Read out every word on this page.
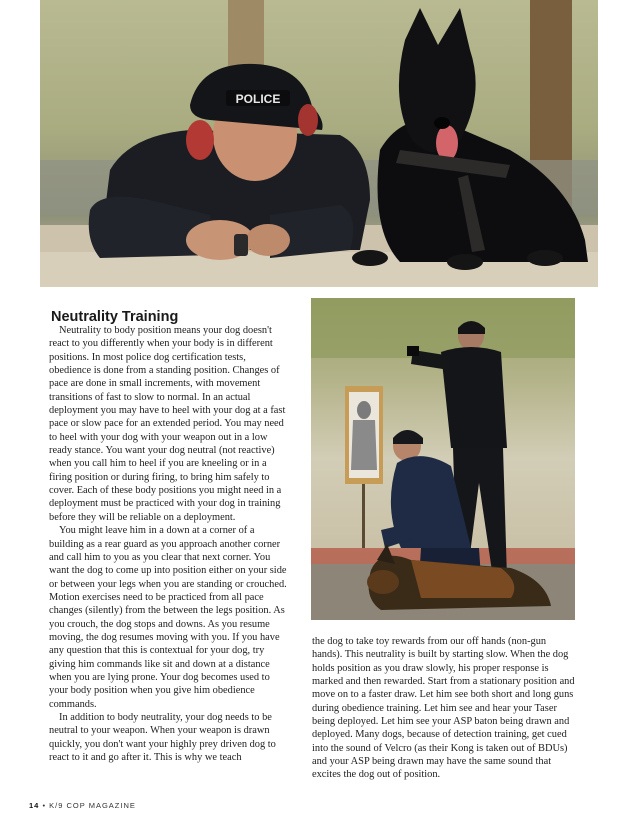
POLICE
Neutrality Training

Neutrality to body position means your dog doesn't react to you differently when your body is in different positions. In most police dog certification tests, obedience is done from a standing position. Changes of pace are done in small increments, with movement transitions of fast to slow to normal. In an actual deployment you may have to heel with your dog at a fast pace or slow pace for an extended period. You may need to heel with your dog with your weapon out in a low ready stance. You want your dog neutral (not reactive) when you call him to heel if you are kneeling or in a firing position or during firing, to bring him safely to cover. Each of these body positions you might need in a deployment must be practiced with your dog in training before they will be reliable on a deployment.

You might leave him in a down at a corner of a building as a rear guard as you approach another corner and call him to you as you clear that next corner. You want the dog to come up into position either on your side or between your legs when you are standing or crouched. Motion exercises need to be practiced from all pace changes (silently) from the between the legs position. As you crouch, the dog stops and downs. As you resume moving, the dog resumes moving with you. If you have any question that this is contextual for your dog, try giving him commands like sit and down at a distance when you are lying prone. Your dog becomes used to your body position when you give him obedience commands.

In addition to body neutrality, your dog needs to be neutral to your weapon. When your weapon is drawn quickly, you don't want your highly prey driven dog to react to it and go after it. This is why we teach

the dog to take toy rewards from our off hands (non-gun hands). This neutrality is built by starting slow. When the dog holds position as you draw slowly, his proper response is marked and then rewarded. Start from a stationary position and move on to a faster draw. Let him see both short and long guns during obedience training. Let him see and hear your Taser being deployed. Let him see your ASP baton being drawn and deployed. Many dogs, because of detection training, get cued into the sound of Velcro (as their Kong is taken out of BDUs) and your ASP being drawn may have the same sound that excites the dog out of position.

14 • K/9 COP MAGAZINE
